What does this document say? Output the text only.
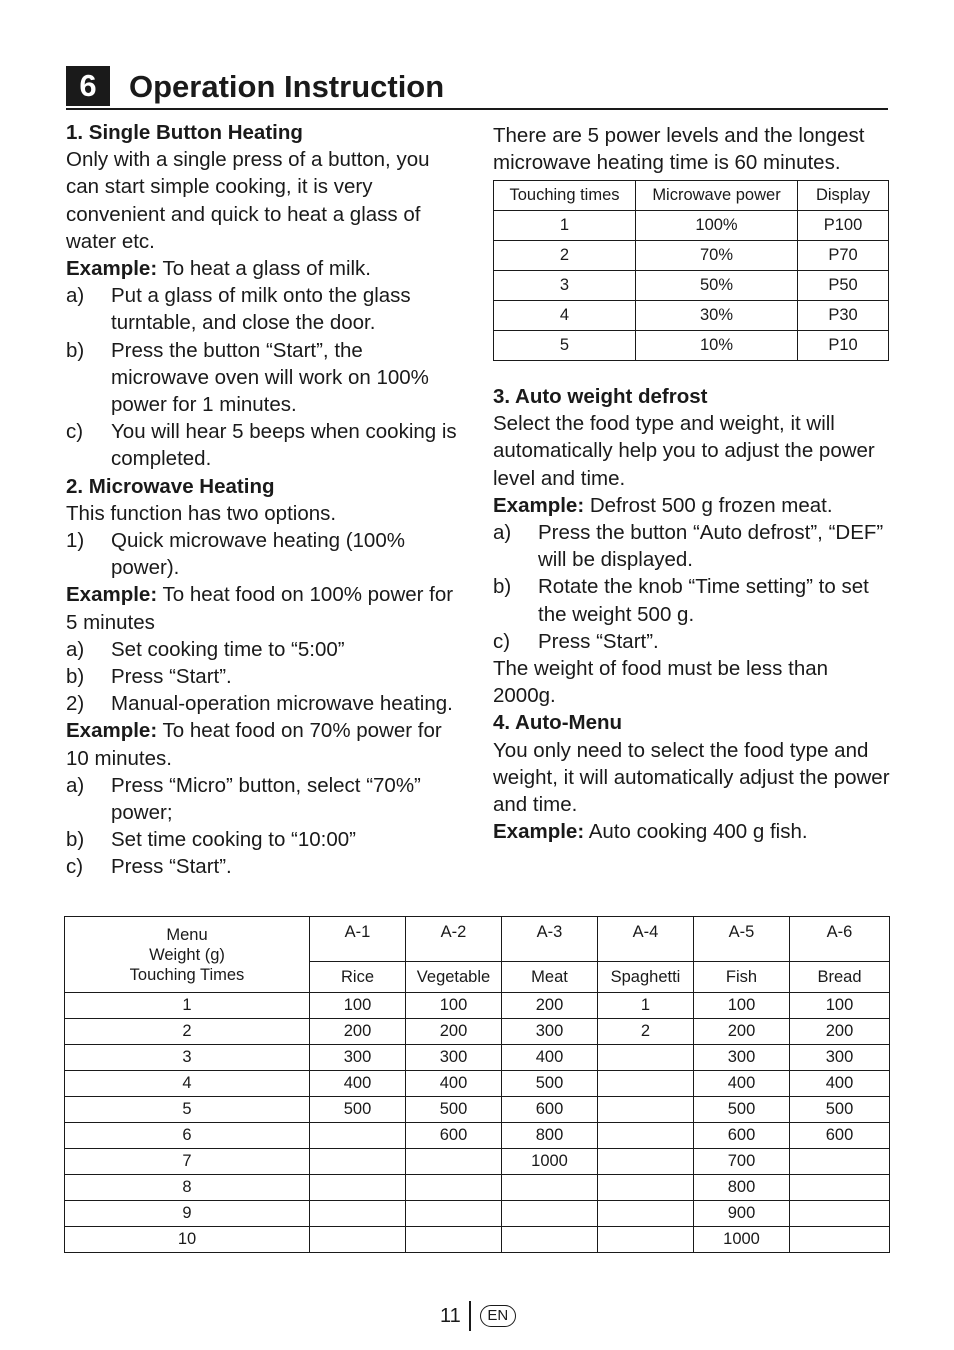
6	Operation Instruction

1. Single Button Heating

Only with a single press of a button, you can start simple cooking, it is very convenient and quick to heat a glass of water etc.

Example: To heat a glass of milk.

a) Put a glass of milk onto the glass turntable, and close the door.
b) Press the button “Start”, the microwave oven will work on 100% power for 1 minutes.
c) You will hear 5 beeps when cooking is completed.

2. Microwave Heating

This function has two options.

1) Quick microwave heating (100% power).

Example: To heat food on 100% power for 5 minutes

a) Set cooking time to “5:00”
b) Press “Start”.
2) Manual-operation microwave heating.

Example: To heat food on 70% power for 10 minutes.

a) Press “Micro” button, select “70%” power;
b) Set time cooking to “10:00”
c) Press “Start”.

There are 5 power levels and the longest microwave heating time is 60 minutes.

Touching times	Microwave power	Display
1	100%	P100
2	70%	P70
3	50%	P50
4	30%	P30
5	10%	P10

3. Auto weight defrost

Select the food type and weight, it will automatically help you to adjust the power level and time.

Example: Defrost 500 g frozen meat.

a) Press the button “Auto defrost”, “DEF” will be displayed.
b) Rotate the knob “Time setting” to set the weight 500 g.
c) Press “Start”.

The weight of food must be less than 2000g.

4. Auto-Menu

You only need to select the food type and weight, it will automatically adjust the power and time.

Example: Auto cooking 400 g fish.

Menu
Weight (g)
Touching Times	A-1	A-2	A-3	A-4	A-5	A-6
	Rice	Vegetable	Meat	Spaghetti	Fish	Bread
1	100	100	200	1	100	100
2	200	200	300	2	200	200
3	300	300	400		300	300
4	400	400	500		400	400
5	500	500	600		500	500
6		600	800		600	600
7			1000		700	
8					800	
9					900	
10					1000	
11 EN
